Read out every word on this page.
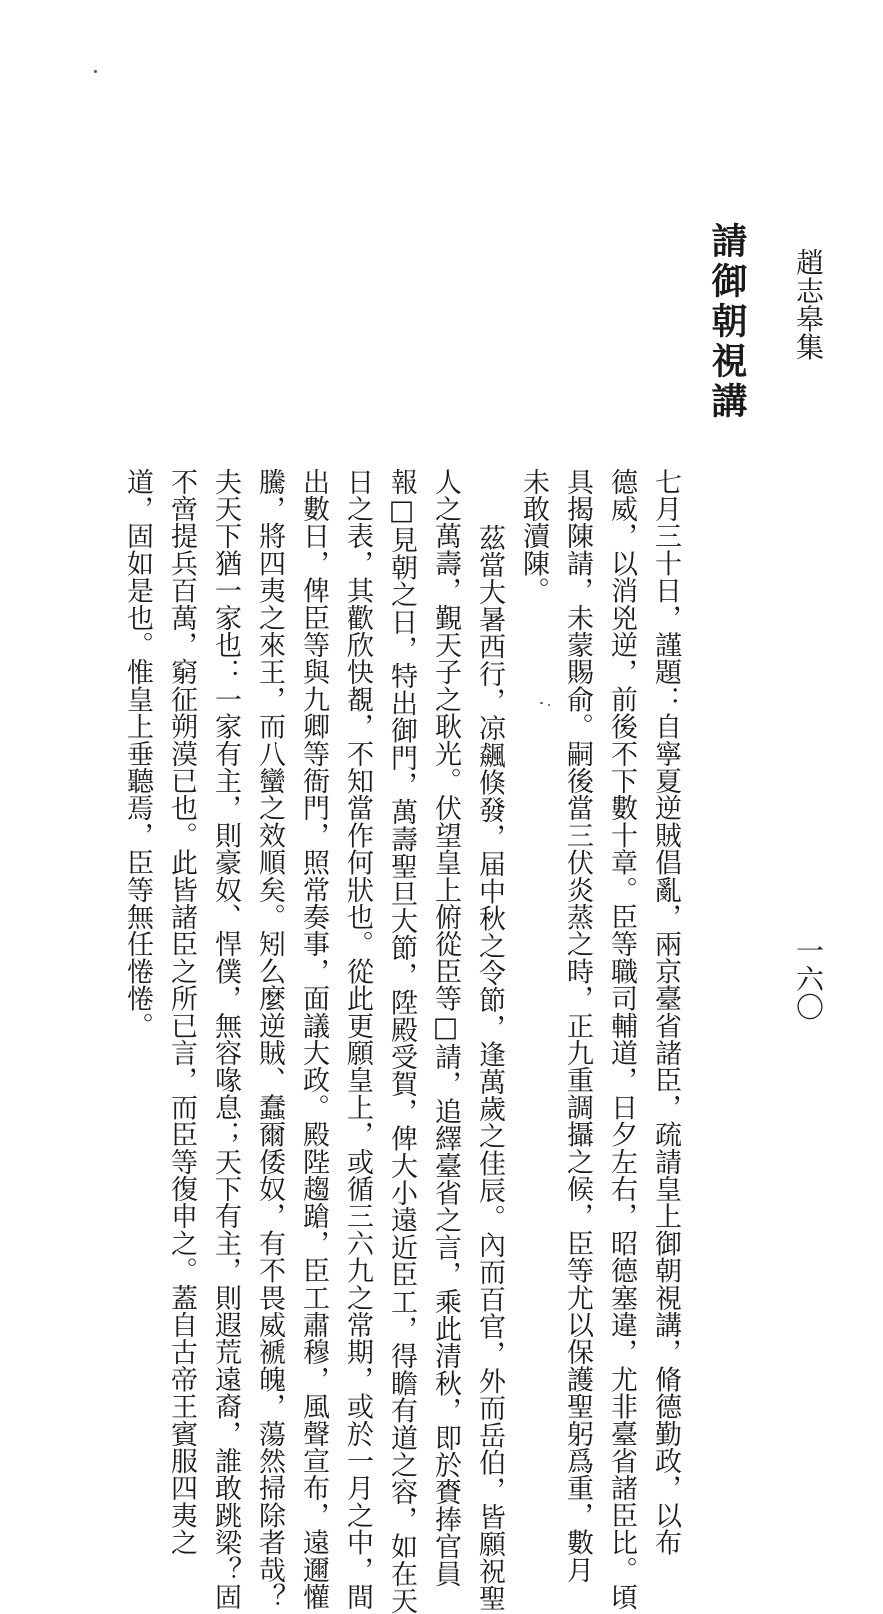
趙志皋集
一六〇
請御朝視講
七月三十日，謹題：自寧夏逆賊倡亂，兩京臺省諸臣，疏請皇上御朝視講，脩德勤政，以布
德威，以消兇逆，前後不下數十章。臣等職司輔道，日夕左右，昭德塞違，尤非臺省諸臣比。頃
具揭陳請，未蒙賜俞。嗣後當三伏炎蒸之時，正九重調攝之候，臣等尤以保護聖躬爲重，數月
未敢瀆陳。
茲當大暑西行，凉飆倏發，届中秋之令節，逢萬歲之佳辰。內而百官，外而岳伯，皆願祝聖
人之萬壽，覲天子之耿光。伏望皇上俯從臣等□請，追繹臺省之言，乘此清秋，即於賚捧官員
報□見朝之日，特出御門，萬壽聖旦大節，陞殿受賀，俾大小遠近臣工，得瞻有道之容，如在天
日之表，其歡欣快覩，不知當作何狀也。從此更願皇上，或循三六九之常期，或於一月之中，間
出數日，俾臣等與九卿等衙門，照常奏事，面議大政。殿陛趨蹌，臣工肅穆，風聲宣布，遠邇懽
騰，將四夷之來王，而八蠻之效順矣。矧么麼逆賊、蠢爾倭奴，有不畏威褫魄，蕩然掃除者哉？
夫天下猶一家也：一家有主，則豪奴、悍僕，無容喙息；天下有主，則遐荒遠裔，誰敢跳梁？固
不啻提兵百萬，窮征朔漠已也。此皆諸臣之所已言，而臣等復申之。蓋自古帝王賓服四夷之
道，固如是也。惟皇上垂聽焉，臣等無任惓惓。
